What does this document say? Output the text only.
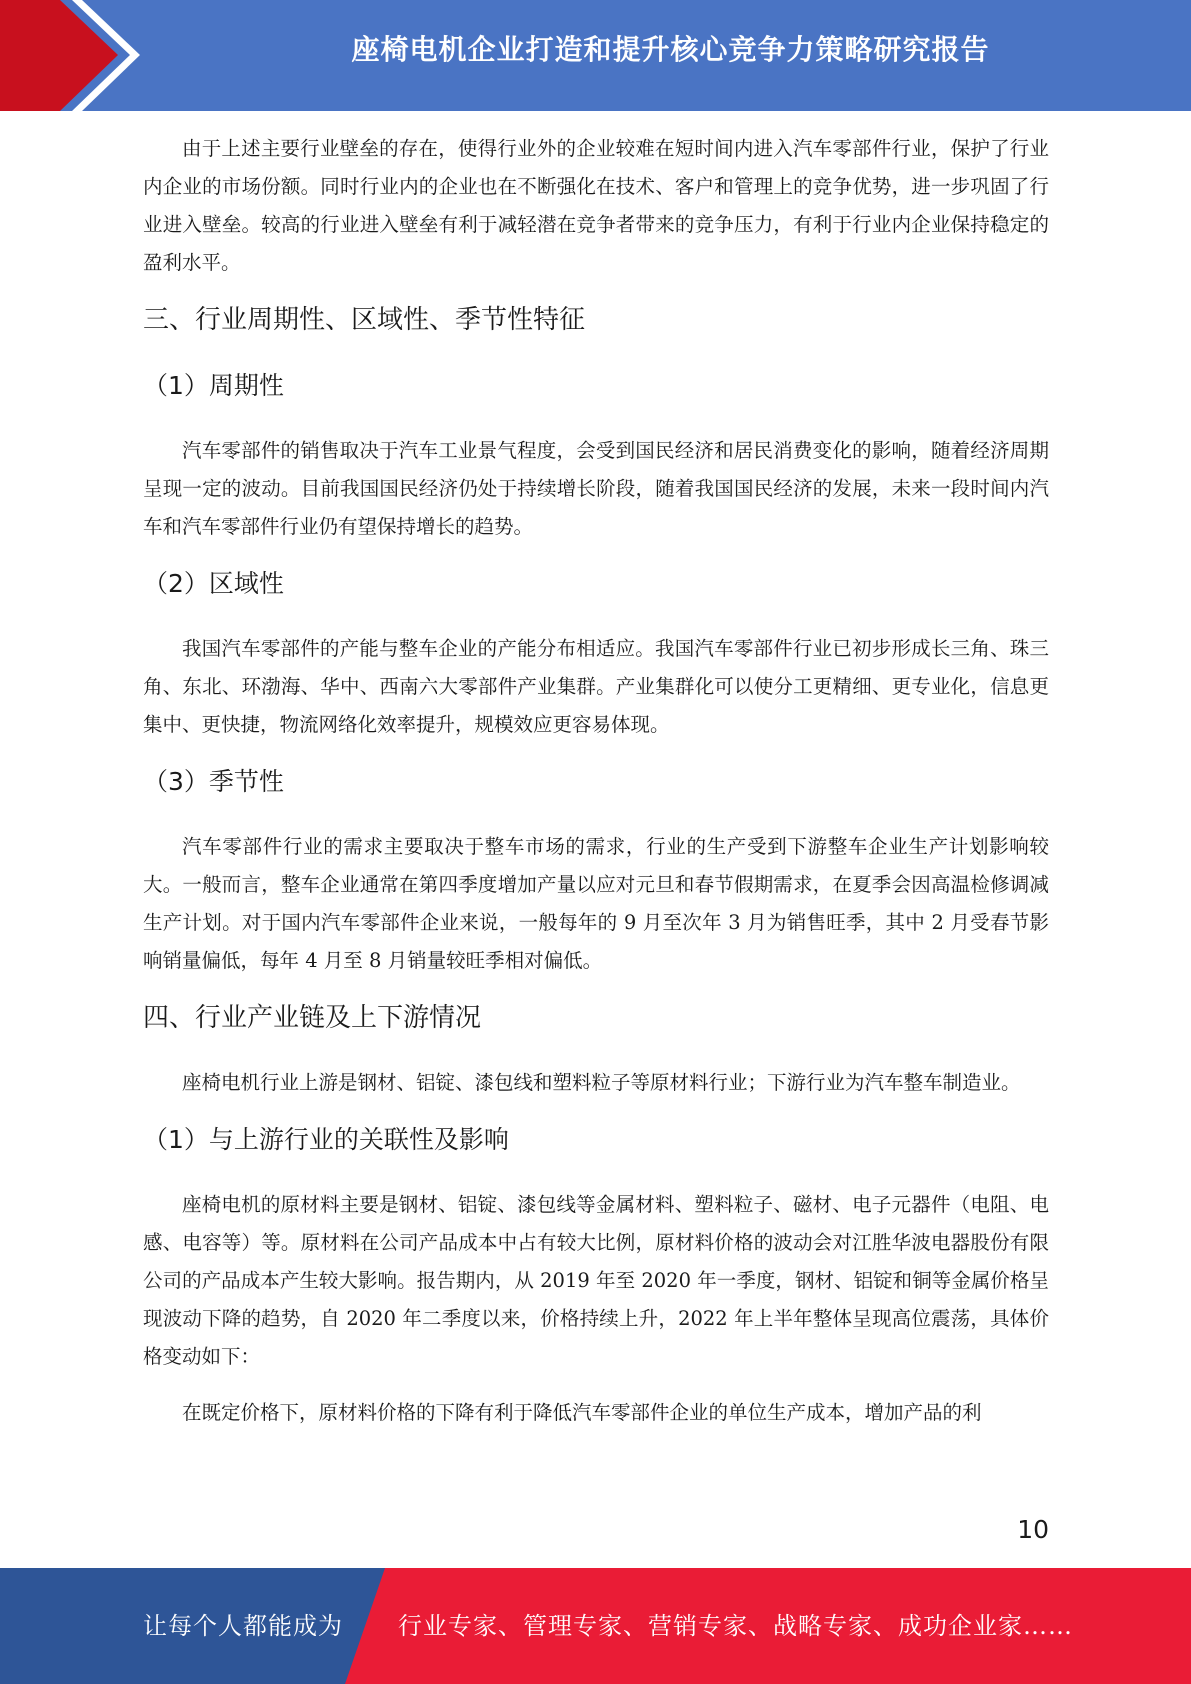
座椅电机企业打造和提升核心竞争力策略研究报告

由于上述主要行业壁垒的存在，使得行业外的企业较难在短时间内进入汽车零部件行业，保护了行业内企业的市场份额。同时行业内的企业也在不断强化在技术、客户和管理上的竞争优势，进一步巩固了行业进入壁垒。较高的行业进入壁垒有利于减轻潜在竞争者带来的竞争压力，有利于行业内企业保持稳定的盈利水平。

三、行业周期性、区域性、季节性特征
（1）周期性

汽车零部件的销售取决于汽车工业景气程度，会受到国民经济和居民消费变化的影响，随着经济周期呈现一定的波动。目前我国国民经济仍处于持续增长阶段，随着我国国民经济的发展，未来一段时间内汽车和汽车零部件行业仍有望保持增长的趋势。

（2）区域性

我国汽车零部件的产能与整车企业的产能分布相适应。我国汽车零部件行业已初步形成长三角、珠三角、东北、环渤海、华中、西南六大零部件产业集群。产业集群化可以使分工更精细、更专业化，信息更集中、更快捷，物流网络化效率提升，规模效应更容易体现。

（3）季节性

汽车零部件行业的需求主要取决于整车市场的需求，行业的生产受到下游整车企业生产计划影响较大。一般而言，整车企业通常在第四季度增加产量以应对元旦和春节假期需求，在夏季会因高温检修调减生产计划。对于国内汽车零部件企业来说，一般每年的 9 月至次年 3 月为销售旺季，其中 2 月受春节影响销量偏低，每年 4 月至 8 月销量较旺季相对偏低。

四、行业产业链及上下游情况

座椅电机行业上游是钢材、铝锭、漆包线和塑料粒子等原材料行业；下游行业为汽车整车制造业。

（1）与上游行业的关联性及影响

座椅电机的原材料主要是钢材、铝锭、漆包线等金属材料、塑料粒子、磁材、电子元器件（电阻、电感、电容等）等。原材料在公司产品成本中占有较大比例，原材料价格的波动会对江胜华波电器股份有限公司的产品成本产生较大影响。报告期内，从 2019 年至 2020 年一季度，钢材、铝锭和铜等金属价格呈现波动下降的趋势，自 2020 年二季度以来，价格持续上升，2022 年上半年整体呈现高位震荡，具体价格变动如下：

在既定价格下，原材料价格的下降有利于降低汽车零部件企业的单位生产成本，增加产品的利

10
让每个人都能成为 行业专家、管理专家、营销专家、战略专家、成功企业家……
